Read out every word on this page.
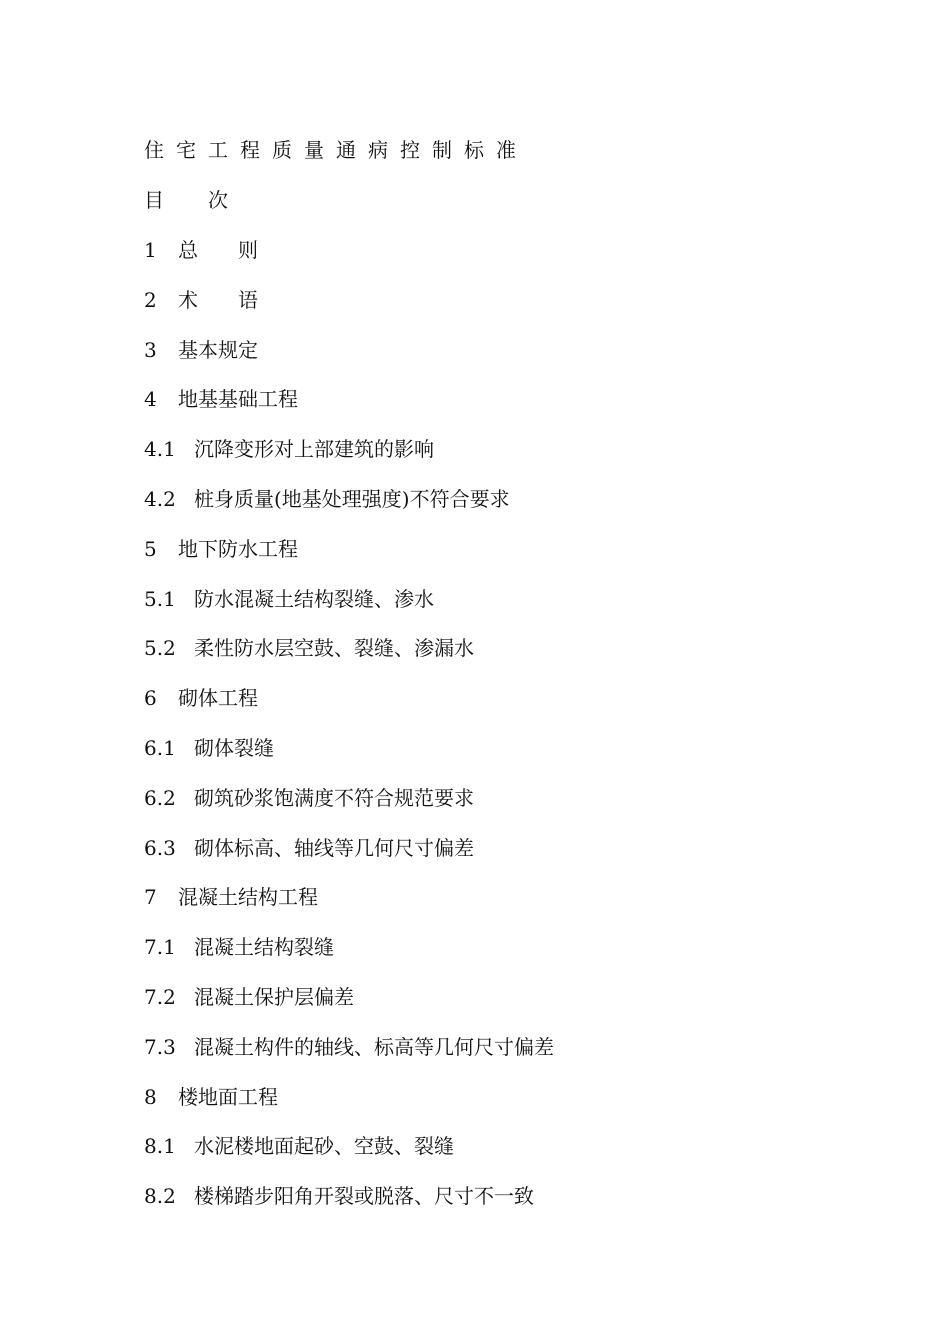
住宅工程质量通病控制标准
目 次
1 总　　则
2 术　　语
3 基本规定
4 地基基础工程
4.1 沉降变形对上部建筑的影响
4.2 桩身质量(地基处理强度)不符合要求
5 地下防水工程
5.1 防水混凝土结构裂缝、渗水
5.2 柔性防水层空鼓、裂缝、渗漏水
6 砌体工程
6.1 砌体裂缝
6.2 砌筑砂浆饱满度不符合规范要求
6.3 砌体标高、轴线等几何尺寸偏差
7 混凝土结构工程
7.1 混凝土结构裂缝
7.2 混凝土保护层偏差
7.3 混凝土构件的轴线、标高等几何尺寸偏差
8 楼地面工程
8.1 水泥楼地面起砂、空鼓、裂缝
8.2 楼梯踏步阳角开裂或脱落、尺寸不一致
